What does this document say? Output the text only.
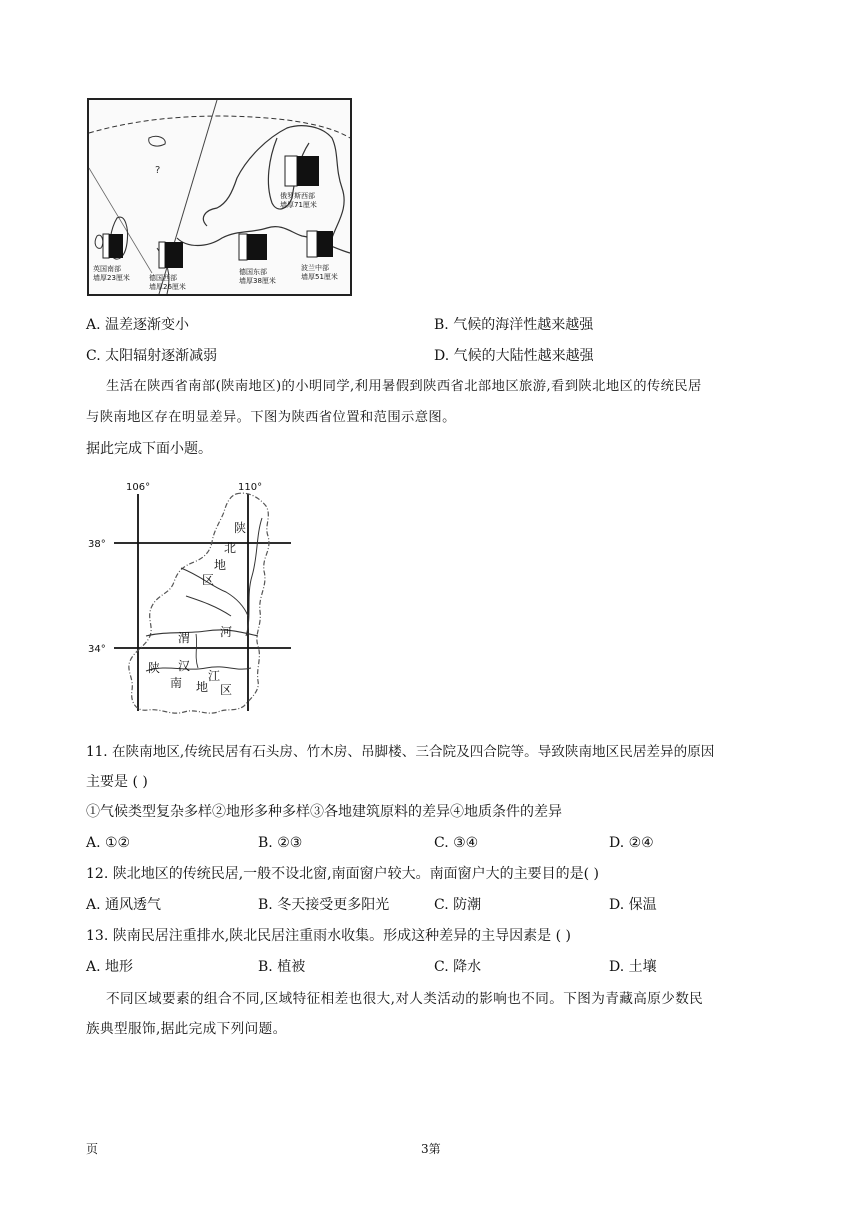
?
英国南部
墙厚23厘米	德国西部
墙厚26厘米
德国东部
墙厚38厘米
波兰中部
墙厚51厘米
俄罗斯西部
墙厚71厘米
A. 温差逐渐变小	B. 气候的海洋性越来越强
C. 太阳辐射逐渐减弱	D. 气候的大陆性越来越强
生活在陕西省南部(陕南地区)的小明同学,利用暑假到陕西省北部地区旅游,看到陕北地区的传统民居
与陕南地区存在明显差异。下图为陕西省位置和范围示意图。
据此完成下面小题。
106°	110°
38°
34°
陕
北
地
区
渭 河
陕 汉
南 地
江
区
11. 在陕南地区,传统民居有石头房、竹木房、吊脚楼、三合院及四合院等。导致陕南地区民居差异的原因
主要是 ( )
①气候类型复杂多样②地形多种多样③各地建筑原料的差异④地质条件的差异
A. ①②	B. ②③	C. ③④	D. ②④
12. 陕北地区的传统民居,一般不设北窗,南面窗户较大。南面窗户大的主要目的是( )
A. 通风透气	B. 冬天接受更多阳光	C. 防潮	D. 保温
13. 陕南民居注重排水,陕北民居注重雨水收集。形成这种差异的主导因素是 ( )
A. 地形	B. 植被	C. 降水	D. 土壤
不同区域要素的组合不同,区域特征相差也很大,对人类活动的影响也不同。下图为青藏高原少数民
族典型服饰,据此完成下列问题。
页	3第
